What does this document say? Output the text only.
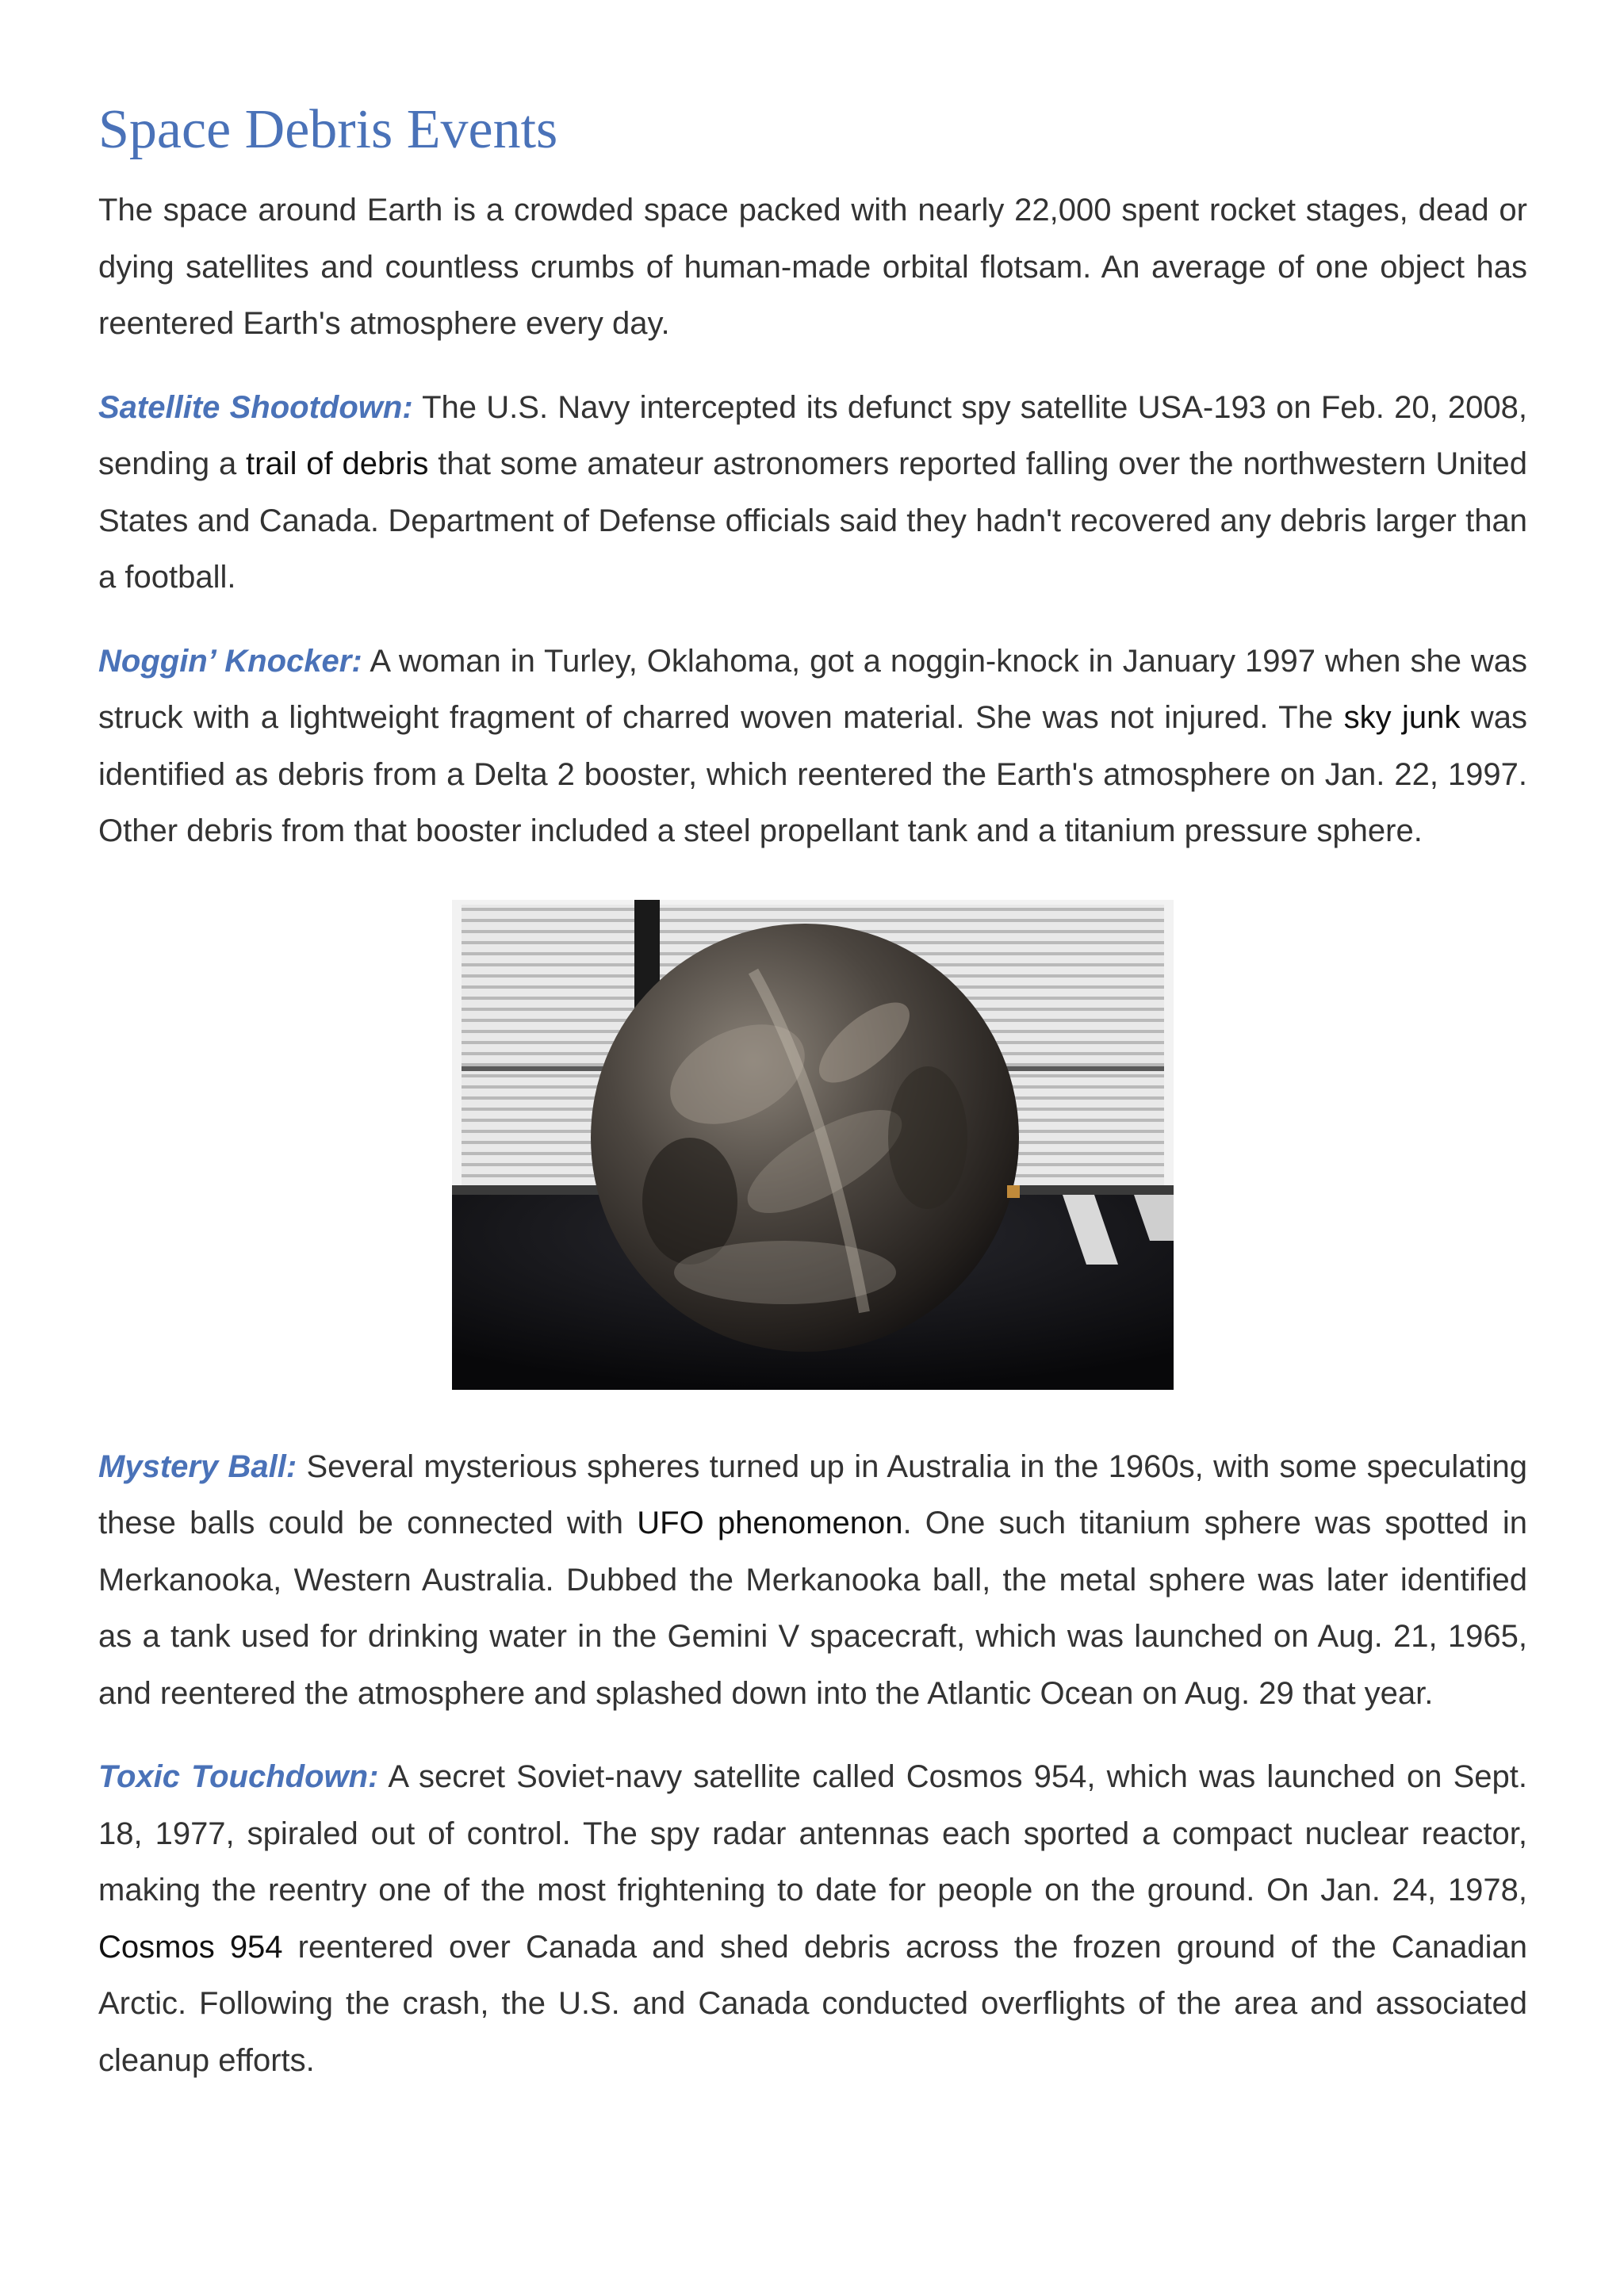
Space Debris Events

The space around Earth is a crowded space packed with nearly 22,000 spent rocket stages, dead or dying satellites and countless crumbs of human-made orbital flotsam. An average of one object has reentered Earth's atmosphere every day.

Satellite Shootdown: The U.S. Navy intercepted its defunct spy satellite USA-193 on Feb. 20, 2008, sending a trail of debris that some amateur astronomers reported falling over the northwestern United States and Canada. Department of Defense officials said they hadn't recovered any debris larger than a football.

Noggin’ Knocker: A woman in Turley, Oklahoma, got a noggin-knock in January 1997 when she was struck with a lightweight fragment of charred woven material. She was not injured. The sky junk was identified as debris from a Delta 2 booster, which reentered the Earth's atmosphere on Jan. 22, 1997. Other debris from that booster included a steel propellant tank and a titanium pressure sphere.

Mystery Ball: Several mysterious spheres turned up in Australia in the 1960s, with some speculating these balls could be connected with UFO phenomenon. One such titanium sphere was spotted in Merkanooka, Western Australia. Dubbed the Merkanooka ball, the metal sphere was later identified as a tank used for drinking water in the Gemini V spacecraft, which was launched on Aug. 21, 1965, and reentered the atmosphere and splashed down into the Atlantic Ocean on Aug. 29 that year.

Toxic Touchdown: A secret Soviet-navy satellite called Cosmos 954, which was launched on Sept. 18, 1977, spiraled out of control. The spy radar antennas each sported a compact nuclear reactor, making the reentry one of the most frightening to date for people on the ground. On Jan. 24, 1978, Cosmos 954 reentered over Canada and shed debris across the frozen ground of the Canadian Arctic. Following the crash, the U.S. and Canada conducted overflights of the area and associated cleanup efforts.
